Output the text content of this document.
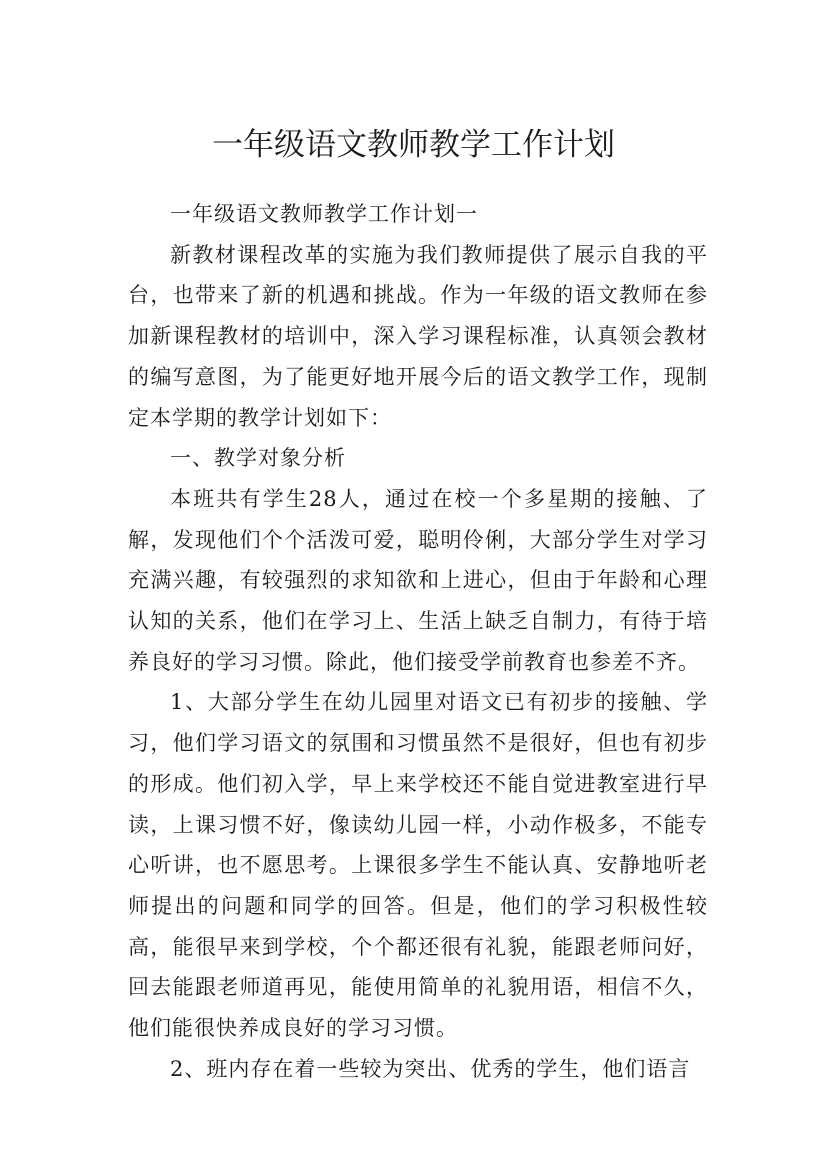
一年级语文教师教学工作计划

一年级语文教师教学工作计划一

新教材课程改革的实施为我们教师提供了展示自我的平台，也带来了新的机遇和挑战。作为一年级的语文教师在参加新课程教材的培训中，深入学习课程标准，认真领会教材的编写意图，为了能更好地开展今后的语文教学工作，现制定本学期的教学计划如下：

一、教学对象分析

本班共有学生28人，通过在校一个多星期的接触、了解，发现他们个个活泼可爱，聪明伶俐，大部分学生对学习充满兴趣，有较强烈的求知欲和上进心，但由于年龄和心理认知的关系，他们在学习上、生活上缺乏自制力，有待于培养良好的学习习惯。除此，他们接受学前教育也参差不齐。

1、大部分学生在幼儿园里对语文已有初步的接触、学习，他们学习语文的氛围和习惯虽然不是很好，但也有初步的形成。他们初入学，早上来学校还不能自觉进教室进行早读，上课习惯不好，像读幼儿园一样，小动作极多，不能专心听讲，也不愿思考。上课很多学生不能认真、安静地听老师提出的问题和同学的回答。但是，他们的学习积极性较高，能很早来到学校，个个都还很有礼貌，能跟老师问好，回去能跟老师道再见，能使用简单的礼貌用语，相信不久，他们能很快养成良好的学习习惯。

2、班内存在着一些较为突出、优秀的学生，他们语言
